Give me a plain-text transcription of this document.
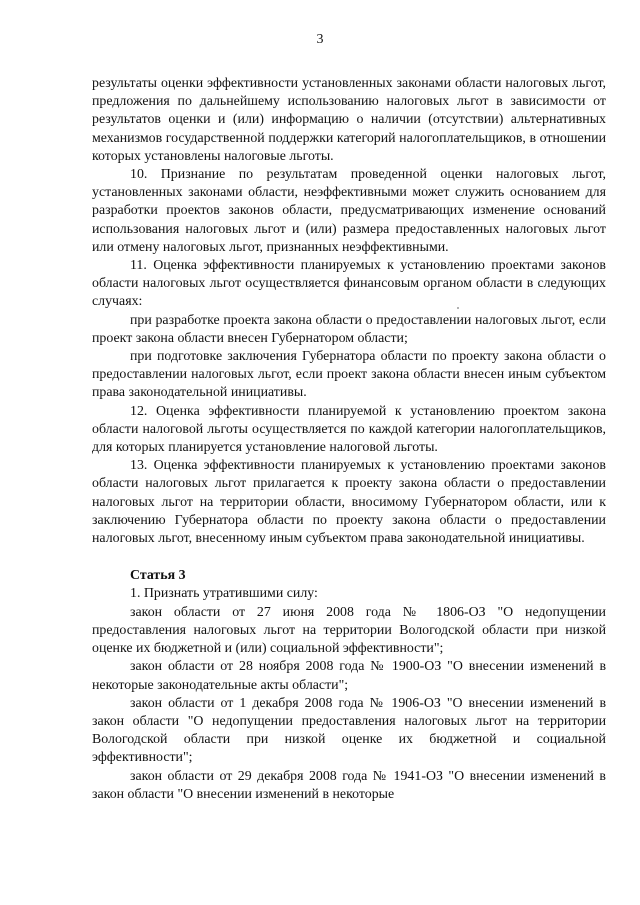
3

результаты оценки эффективности установленных законами области налоговых льгот, предложения по дальнейшему использованию налоговых льгот в зависимости от результатов оценки и (или) информацию о наличии (отсутствии) альтернативных механизмов государственной поддержки категорий налогоплательщиков, в отношении которых установлены налоговые льготы.

10. Признание по результатам проведенной оценки налоговых льгот, установленных законами области, неэффективными может служить основанием для разработки проектов законов области, предусматривающих изменение оснований использования налоговых льгот и (или) размера предоставленных налоговых льгот или отмену налоговых льгот, признанных неэффективными.

11. Оценка эффективности планируемых к установлению проектами законов области налоговых льгот осуществляется финансовым органом области в следующих случаях:

при разработке проекта закона области о предоставлении налоговых льгот, если проект закона области внесен Губернатором области;

при подготовке заключения Губернатора области по проекту закона области о предоставлении налоговых льгот, если проект закона области внесен иным субъектом права законодательной инициативы.

12. Оценка эффективности планируемой к установлению проектом закона области налоговой льготы осуществляется по каждой категории налогоплательщиков, для которых планируется установление налоговой льготы.

13. Оценка эффективности планируемых к установлению проектами законов области налоговых льгот прилагается к проекту закона области о предоставлении налоговых льгот на территории области, вносимому Губернатором области, или к заключению Губернатора области по проекту закона области о предоставлении налоговых льгот, внесенному иным субъектом права законодательной инициативы.

Статья 3

1. Признать утратившими силу:

закон области от 27 июня 2008 года № 1806-ОЗ "О недопущении предоставления налоговых льгот на территории Вологодской области при низкой оценке их бюджетной и (или) социальной эффективности";

закон области от 28 ноября 2008 года № 1900-ОЗ "О внесении изменений в некоторые законодательные акты области";

закон области от 1 декабря 2008 года № 1906-ОЗ "О внесении изменений в закон области "О недопущении предоставления налоговых льгот на территории Вологодской области при низкой оценке их бюджетной и социальной эффективности";

закон области от 29 декабря 2008 года № 1941-ОЗ "О внесении изменений в закон области "О внесении изменений в некоторые
